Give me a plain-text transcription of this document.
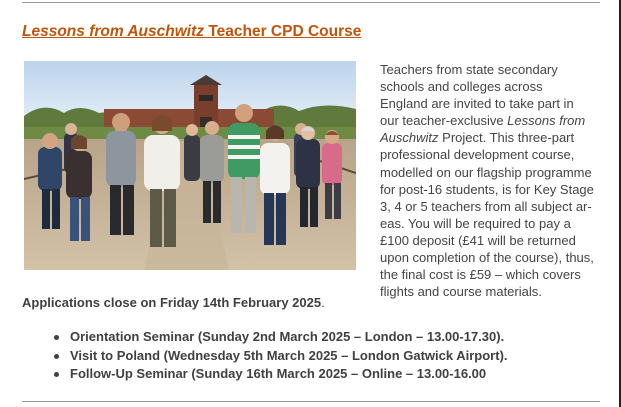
Lessons from Auschwitz Teacher CPD Course
Teachers from state secondary
schools and colleges across
England are invited to take part in
our teacher-exclusive Lessons from
Auschwitz Project. This three-part
professional development course,
modelled on our flagship programme
for post-16 students, is for Key Stage
3, 4 or 5 teachers from all subject ar-
eas. You will be required to pay a
£100 deposit (£41 will be returned
upon completion of the course), thus,
the final cost is £59 – which covers
flights and course materials.
Applications close on Friday 14th February 2025.
Orientation Seminar (Sunday 2nd March 2025 – London – 13.00-17.30).
Visit to Poland (Wednesday 5th March 2025 – London Gatwick Airport).
Follow-Up Seminar (Sunday 16th March 2025 – Online – 13.00-16.00
